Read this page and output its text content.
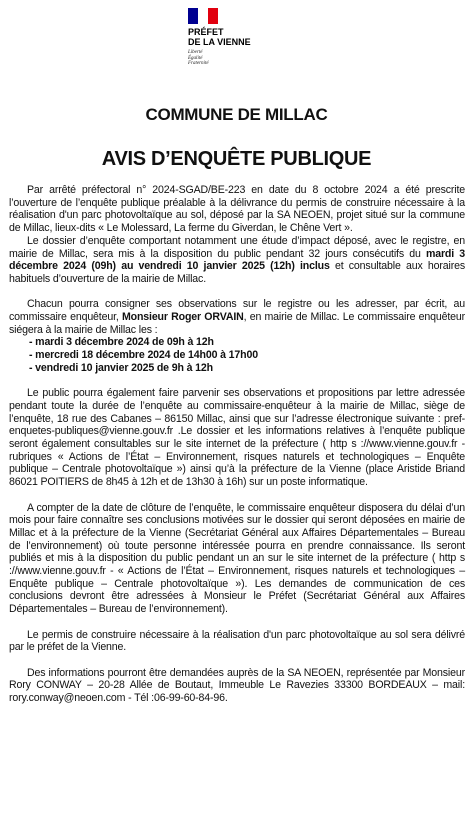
PRÉFET
DE LA VIENNE
Liberté
Égalité
Fraternité
COMMUNE DE MILLAC
AVIS D’ENQUÊTE PUBLIQUE

Par arrêté préfectoral n° 2024-SGAD/BE-223 en date du 8 octobre 2024 a été prescrite l’ouverture de l’enquête publique préalable à la délivrance du permis de construire nécessaire à la réalisation d'un parc photovoltaïque au sol, déposé par la SA NEOEN, projet situé sur la commune de Millac, lieux-dits « Le Molessard, La ferme du Giverdan, le Chêne Vert ».

Le dossier d’enquête comportant notamment une étude d’impact déposé, avec le registre, en mairie de Millac, sera mis à la disposition du public pendant 32 jours consécutifs du mardi 3 décembre 2024 (09h) au vendredi 10 janvier 2025 (12h) inclus et consultable aux horaires habituels d’ouverture de la mairie de Millac.

Chacun pourra consigner ses observations sur le registre ou les adresser, par écrit, au commissaire enquêteur, Monsieur Roger ORVAIN, en mairie de Millac. Le commissaire enquêteur siégera à la mairie de Millac les :

- mardi 3 décembre 2024 de 09h à 12h
- mercredi 18 décembre 2024 de 14h00 à 17h00
- vendredi 10 janvier 2025 de 9h à 12h

Le public pourra également faire parvenir ses observations et propositions par lettre adressée pendant toute la durée de l’enquête au commissaire-enquêteur à la mairie de Millac, siège de l’enquête, 18 rue des Cabanes – 86150 Millac, ainsi que sur l’adresse électronique suivante : pref-enquetes-publiques@vienne.gouv.fr .Le dossier et les informations relatives à l’enquête publique seront également consultables sur le site internet de la préfecture ( http s ://www.vienne.gouv.fr - rubriques « Actions de l’État – Environnement, risques naturels et technologiques – Enquête publique – Centrale photovoltaïque ») ainsi qu’à la préfecture de la Vienne (place Aristide Briand 86021 POITIERS de 8h45 à 12h et de 13h30 à 16h) sur un poste informatique.

A compter de la date de clôture de l’enquête, le commissaire enquêteur disposera du délai d’un mois pour faire connaître ses conclusions motivées sur le dossier qui seront déposées en mairie de Millac et à la préfecture de la Vienne (Secrétariat Général aux Affaires Départementales – Bureau de l’environnement) où toute personne intéressée pourra en prendre connaissance. Ils seront publiés et mis à la disposition du public pendant un an sur le site internet de la préfecture ( http s ://www.vienne.gouv.fr - « Actions de l’État – Environnement, risques naturels et technologiques – Enquête publique – Centrale photovoltaïque »). Les demandes de communication de ces conclusions devront être adressées à Monsieur le Préfet (Secrétariat Général aux Affaires Départementales – Bureau de l’environnement).

Le permis de construire nécessaire à la réalisation d'un parc photovoltaïque au sol sera délivré par le préfet de la Vienne.

Des informations pourront être demandées auprès de la SA NEOEN, représentée par Monsieur Rory CONWAY – 20-28 Allée de Boutaut, Immeuble Le Ravezies 33300 BORDEAUX – mail: rory.conway@neoen.com - Tél :06-99-60-84-96.
